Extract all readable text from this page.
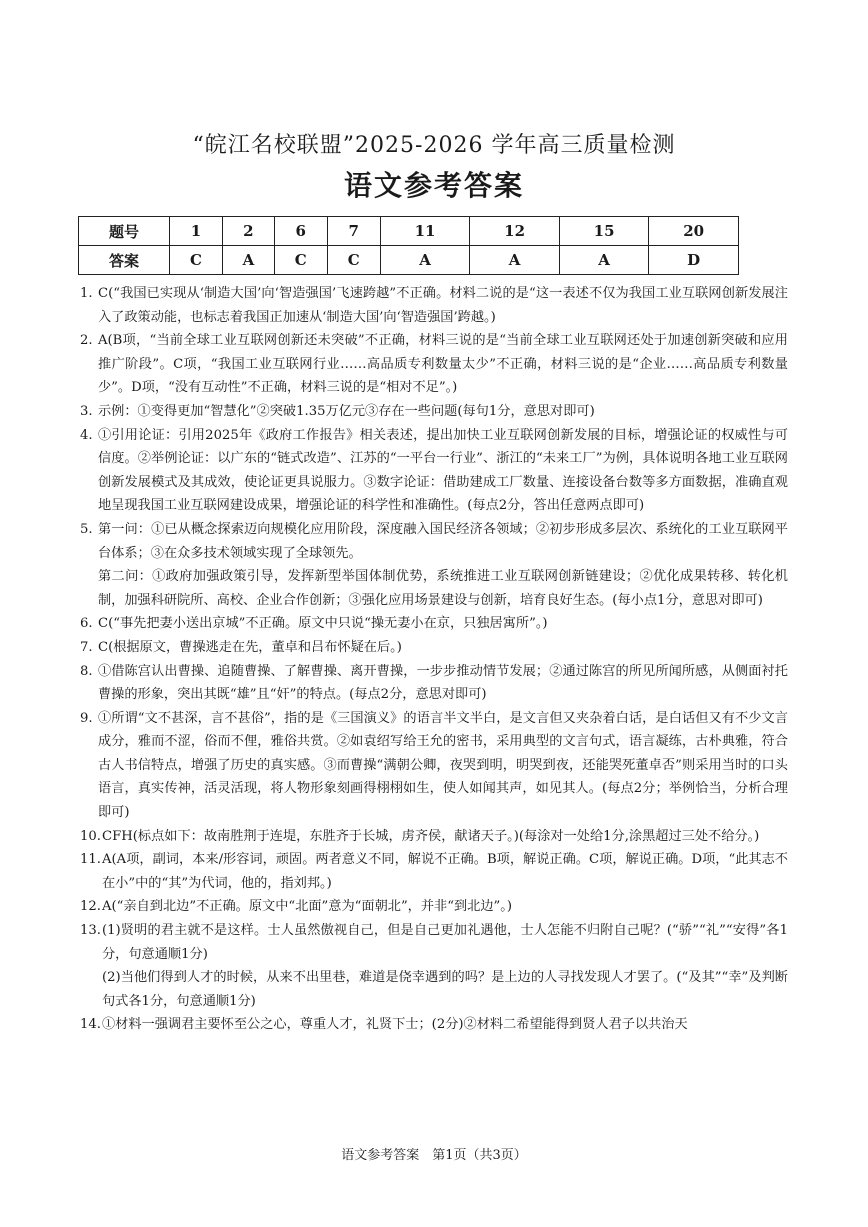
“皖江名校联盟”2025-2026 学年高三质量检测
语文参考答案
题号	1	2	6	7	11	12	15	20
答案	C	A	C	C	A	A	A	D
1. C(“我国已实现从‘制造大国’向‘智造强国’飞速跨越”不正确。材料二说的是“这一表述不仅为我国工业互联网创新发展注入了政策动能，也标志着我国正加速从‘制造大国’向‘智造强国’跨越。)

2. A(B项，“当前全球工业互联网创新还未突破”不正确，材料三说的是“当前全球工业互联网还处于加速创新突破和应用推广阶段”。C项，“我国工业互联网行业……高品质专利数量太少”不正确，材料三说的是“企业……高品质专利数量少”。D项，“没有互动性”不正确，材料三说的是“相对不足”。)

3. 示例：①变得更加“智慧化”②突破1.35万亿元③存在一些问题(每句1分，意思对即可)

4. ①引用论证：引用2025年《政府工作报告》相关表述，提出加快工业互联网创新发展的目标，增强论证的权威性与可信度。②举例论证：以广东的“链式改造”、江苏的“一平台一行业”、浙江的“未来工厂”为例，具体说明各地工业互联网创新发展模式及其成效，使论证更具说服力。③数字论证：借助建成工厂数量、连接设备台数等多方面数据，准确直观地呈现我国工业互联网建设成果，增强论证的科学性和准确性。(每点2分，答出任意两点即可)

5. 第一问：①已从概念探索迈向规模化应用阶段，深度融入国民经济各领域；②初步形成多层次、系统化的工业互联网平台体系；③在众多技术领域实现了全球领先。

第二问：①政府加强政策引导，发挥新型举国体制优势，系统推进工业互联网创新链建设；②优化成果转移、转化机制，加强科研院所、高校、企业合作创新；③强化应用场景建设与创新，培育良好生态。(每小点1分，意思对即可)

6. C(“事先把妻小送出京城”不正确。原文中只说“操无妻小在京，只独居寓所”。)

7. C(根据原文，曹操逃走在先，董卓和吕布怀疑在后。)

8. ①借陈宫认出曹操、追随曹操、了解曹操、离开曹操，一步步推动情节发展；②通过陈宫的所见所闻所感，从侧面衬托曹操的形象，突出其既“雄”且“奸”的特点。(每点2分，意思对即可)

9. ①所谓“文不甚深，言不甚俗”，指的是《三国演义》的语言半文半白，是文言但又夹杂着白话，是白话但又有不少文言成分，雅而不涩，俗而不俚，雅俗共赏。②如袁绍写给王允的密书，采用典型的文言句式，语言凝练，古朴典雅，符合古人书信特点，增强了历史的真实感。③而曹操“满朝公卿，夜哭到明，明哭到夜，还能哭死董卓否”则采用当时的口头语言，真实传神，活灵活现，将人物形象刻画得栩栩如生，使人如闻其声，如见其人。(每点2分；举例恰当，分析合理即可)

10. CFH(标点如下：故南胜荆于连堤，东胜齐于长城，虏齐侯，献诸天子。)(每涂对一处给1分,涂黑超过三处不给分。)

11. A(A项，副词，本来/形容词，顽固。两者意义不同，解说不正确。B项，解说正确。C项，解说正确。D项，“此其志不在小”中的“其”为代词，他的，指刘邦。)

12. A(“亲自到北边”不正确。原文中“北面”意为“面朝北”，并非“到北边”。)

13. (1)贤明的君主就不是这样。士人虽然傲视自己，但是自己更加礼遇他，士人怎能不归附自己呢？(“骄”“礼”“安得”各1分，句意通顺1分)

(2)当他们得到人才的时候，从来不出里巷，难道是侥幸遇到的吗？是上边的人寻找发现人才罢了。(“及其”“幸”及判断句式各1分，句意通顺1分)

14. ①材料一强调君主要怀至公之心，尊重人才，礼贤下士；(2分)②材料二希望能得到贤人君子以共治天

语文参考答案　第1页（共3页）
